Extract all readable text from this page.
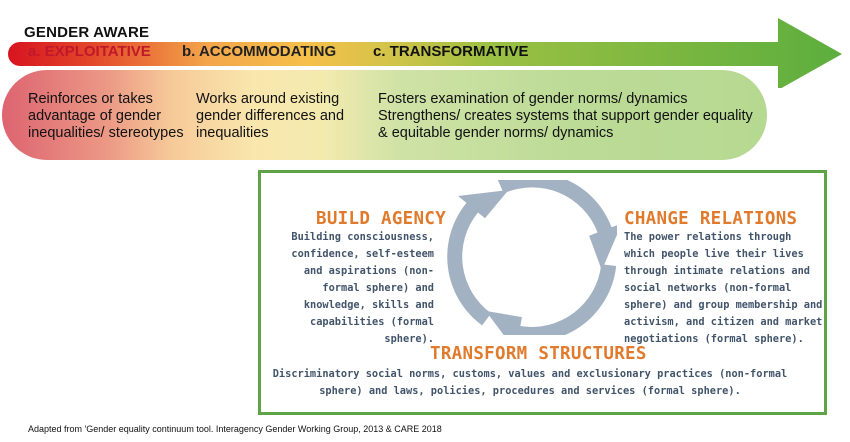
GENDER AWARE
a. EXPLOITATIVE b. ACCOMMODATING c. TRANSFORMATIVE
Reinforces or takes advantage of gender inequalities/ stereotypes
Works around existing gender differences and inequalities
Fosters examination of gender norms/ dynamics Strengthens/ creates systems that support gender equality & equitable gender norms/ dynamics
BUILD AGENCY
Building consciousness, confidence, self-esteem and aspirations (non-formal sphere) and knowledge, skills and capabilities (formal sphere).
CHANGE RELATIONS
The power relations through which people live their lives through intimate relations and social networks (non-formal sphere) and group membership and activism, and citizen and market negotiations (formal sphere).
TRANSFORM STRUCTURES
Discriminatory social norms, customs, values and exclusionary practices (non-formal sphere) and laws, policies, procedures and services (formal sphere).
Adapted from 'Gender equality continuum tool. Interagency Gender Working Group, 2013 & CARE 2018
